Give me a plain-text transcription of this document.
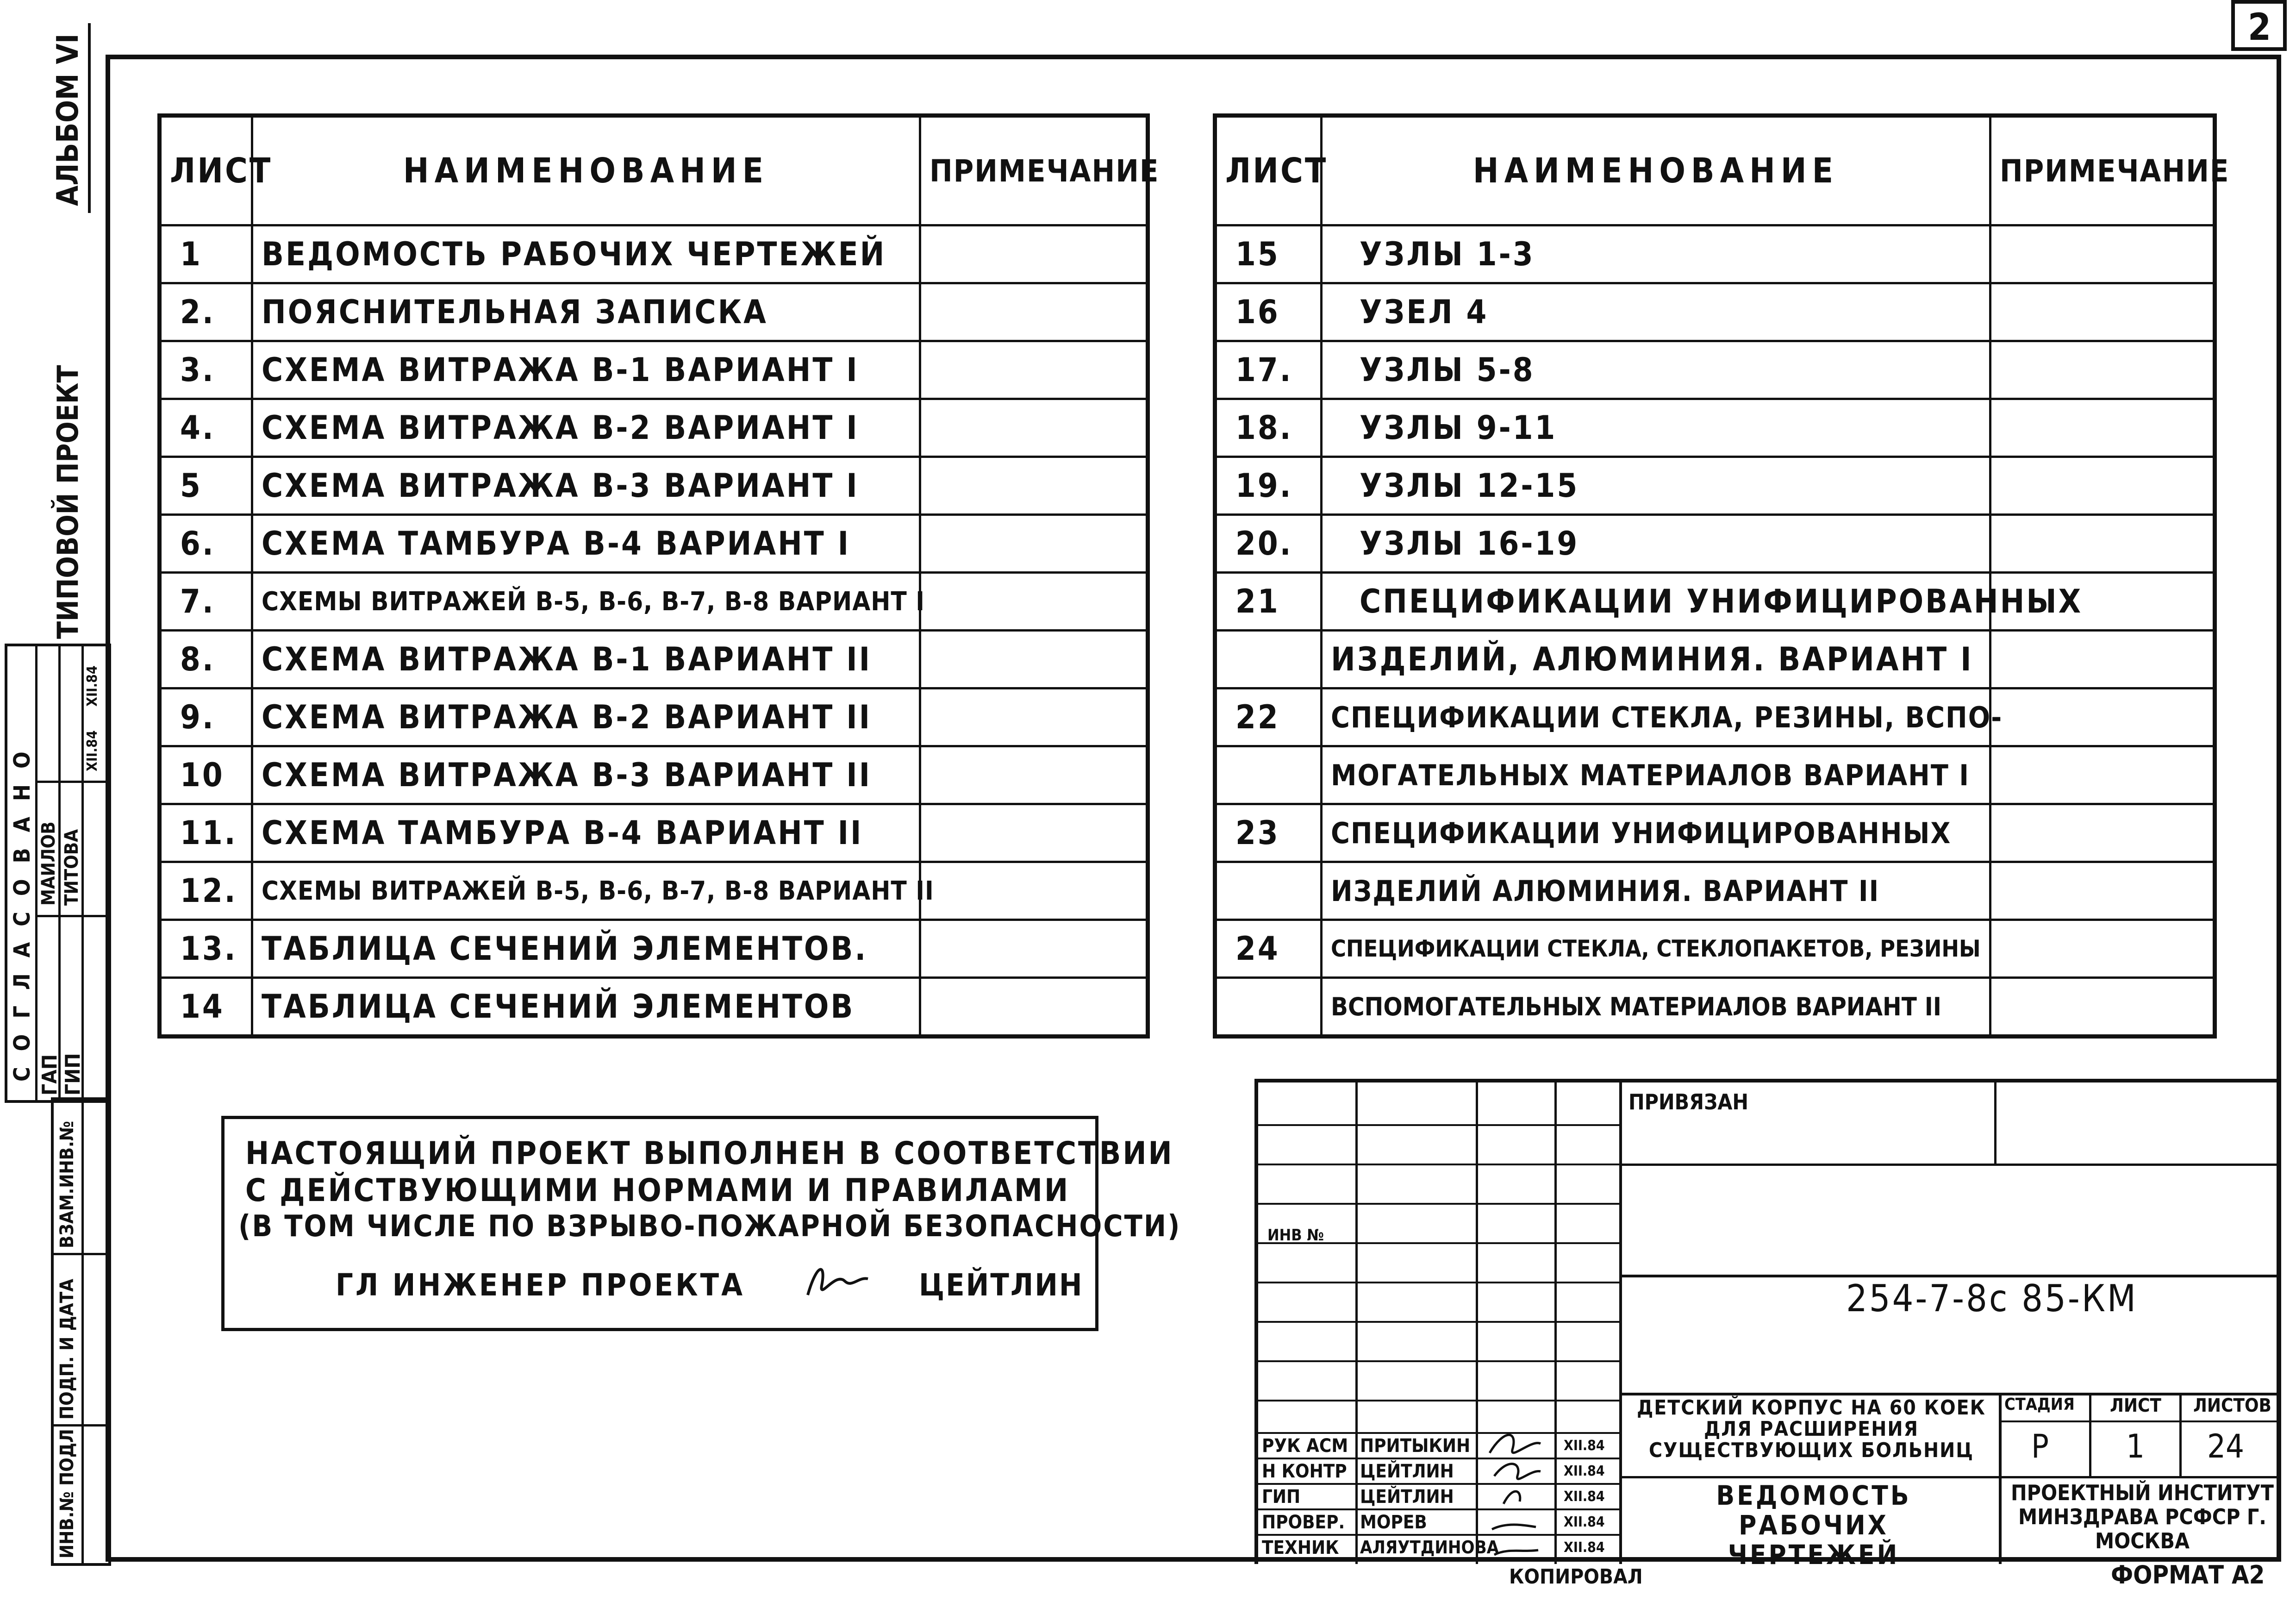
2
АЛЬБОМ VI
ТИПОВОЙ ПРОЕКТ
СОГЛАСОВАНО ГАП ГИП
МАИЛОВ ТИТОВА
XII.84
XII.84
ВЗАМ.ИНВ.№
ПОДП. И ДАТА
ИНВ.№ ПОДЛ
ЛИСТ	НАИМЕНОВАНИЕ	ПРИМЕЧАНИЕ
1	ВЕДОМОСТЬ РАБОЧИХ ЧЕРТЕЖЕЙ	
2.	ПОЯСНИТЕЛЬНАЯ ЗАПИСКА	
3.	СХЕМА ВИТРАЖА В-1 ВАРИАНТ I	
4.	СХЕМА ВИТРАЖА В-2 ВАРИАНТ I	
5	СХЕМА ВИТРАЖА В-3 ВАРИАНТ I	
6.	СХЕМА ТАМБУРА В-4 ВАРИАНТ I	
7.	СХЕМЫ ВИТРАЖЕЙ В-5, В-6, В-7, В-8 ВАРИАНТ I	
8.	СХЕМА ВИТРАЖА В-1 ВАРИАНТ II	
9.	СХЕМА ВИТРАЖА В-2 ВАРИАНТ II	
10	СХЕМА ВИТРАЖА В-3 ВАРИАНТ II	
11.	СХЕМА ТАМБУРА В-4 ВАРИАНТ II	
12.	СХЕМЫ ВИТРАЖЕЙ В-5, В-6, В-7, В-8 ВАРИАНТ II	
13.	ТАБЛИЦА СЕЧЕНИЙ ЭЛЕМЕНТОВ.	
14	ТАБЛИЦА СЕЧЕНИЙ ЭЛЕМЕНТОВ	
ЛИСТ	НАИМЕНОВАНИЕ	ПРИМЕЧАНИЕ
15	УЗЛЫ 1-3	
16	УЗЕЛ 4	
17.	УЗЛЫ 5-8	
18.	УЗЛЫ 9-11	
19.	УЗЛЫ 12-15	
20.	УЗЛЫ 16-19	
21	СПЕЦИФИКАЦИИ УНИФИЦИРОВАННЫХ	
	ИЗДЕЛИЙ, АЛЮМИНИЯ. ВАРИАНТ I	
22	СПЕЦИФИКАЦИИ СТЕКЛА, РЕЗИНЫ, ВСПО-	
	МОГАТЕЛЬНЫХ МАТЕРИАЛОВ ВАРИАНТ I	
23	СПЕЦИФИКАЦИИ УНИФИЦИРОВАННЫХ	
	ИЗДЕЛИЙ АЛЮМИНИЯ. ВАРИАНТ II	
24	СПЕЦИФИКАЦИИ СТЕКЛА, СТЕКЛОПАКЕТОВ, РЕЗИНЫ	
	ВСПОМОГАТЕЛЬНЫХ МАТЕРИАЛОВ ВАРИАНТ II	
НАСТОЯЩИЙ ПРОЕКТ ВЫПОЛНЕН В СООТВЕТСТВИИ
С ДЕЙСТВУЮЩИМИ НОРМАМИ И ПРАВИЛАМИ
(В ТОМ ЧИСЛЕ ПО ВЗРЫВО-ПОЖАРНОЙ БЕЗОПАСНОСТИ)
ГЛ ИНЖЕНЕР ПРОЕКТА	ЦЕЙТЛИН
ПРИВЯЗАН
ИНВ №
254-7-8с 85-КМ
ДЕТСКИЙ КОРПУС НА 60 КОЕК ДЛЯ РАСШИРЕНИЯ СУЩЕСТВУЮЩИХ БОЛЬНИЦ
ВЕДОМОСТЬ РАБОЧИХ ЧЕРТЕЖЕЙ
СТАДИЯ ЛИСТ ЛИСТОВ
Р 1 24
ПРОЕКТНЫЙ ИНСТИТУТ МИНЗДРАВА РСФСР Г. МОСКВА
РУК АСМ ПРИТЫКИН	XII.84
Н КОНТР ЦЕЙТЛИН	XII.84
ГИП	ЦЕЙТЛИН	XII.84
ПРОВЕР. МОРЕВ	XII.84
ТЕХНИК АЛЯУТДИНОВА	XII.84
КОПИРОВАЛ	ФОРМАТ А2
